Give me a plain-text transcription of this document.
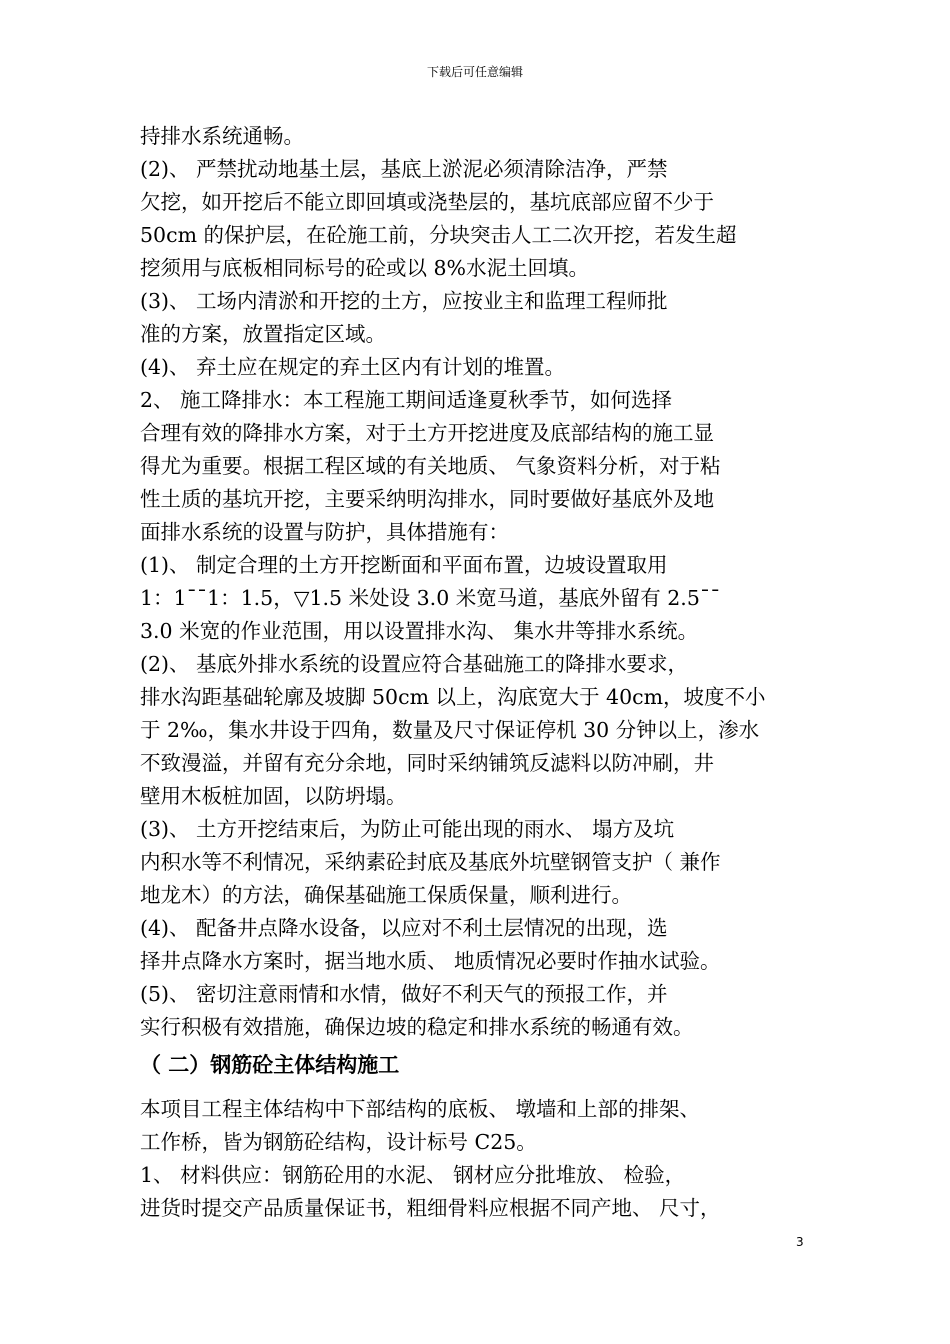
下载后可任意编辑
持排水系统通畅。
(2)、 严禁扰动地基土层，基底上淤泥必须清除洁净，严禁
欠挖，如开挖后不能立即回填或浇垫层的，基坑底部应留不少于
50cm 的保护层，在砼施工前，分块突击人工二次开挖，若发生超
挖须用与底板相同标号的砼或以 8%水泥土回填。
(3)、 工场内清淤和开挖的土方，应按业主和监理工程师批
准的方案，放置指定区域。
(4)、 弃土应在规定的弃土区内有计划的堆置。
2、 施工降排水：本工程施工期间适逢夏秋季节，如何选择
合理有效的降排水方案，对于土方开挖进度及底部结构的施工显
得尤为重要。根据工程区域的有关地质、 气象资料分析，对于粘
性土质的基坑开挖，主要采纳明沟排水，同时要做好基底外及地
面排水系统的设置与防护，具体措施有：
(1)、 制定合理的土方开挖断面和平面布置，边坡设置取用
1：1¯¯1：1.5，▽1.5 米处设 3.0 米宽马道，基底外留有 2.5¯¯
3.0 米宽的作业范围，用以设置排水沟、 集水井等排水系统。
(2)、 基底外排水系统的设置应符合基础施工的降排水要求，
排水沟距基础轮廓及坡脚 50cm 以上，沟底宽大于 40cm，坡度不小
于 2‰，集水井设于四角，数量及尺寸保证停机 30 分钟以上，渗水
不致漫溢，并留有充分余地，同时采纳铺筑反滤料以防冲刷，井
壁用木板桩加固，以防坍塌。
(3)、 土方开挖结束后，为防止可能出现的雨水、 塌方及坑
内积水等不利情况，采纳素砼封底及基底外坑壁钢管支护（ 兼作
地龙木）的方法，确保基础施工保质保量，顺利进行。
(4)、 配备井点降水设备，以应对不利土层情况的出现，选
择井点降水方案时，据当地水质、 地质情况必要时作抽水试验。
(5)、 密切注意雨情和水情，做好不利天气的预报工作，并
实行积极有效措施，确保边坡的稳定和排水系统的畅通有效。
（ 二）钢筋砼主体结构施工
本项目工程主体结构中下部结构的底板、 墩墙和上部的排架、
工作桥，皆为钢筋砼结构，设计标号 C25。
1、 材料供应：钢筋砼用的水泥、 钢材应分批堆放、 检验，
进货时提交产品质量保证书，粗细骨料应根据不同产地、 尺寸，
3
